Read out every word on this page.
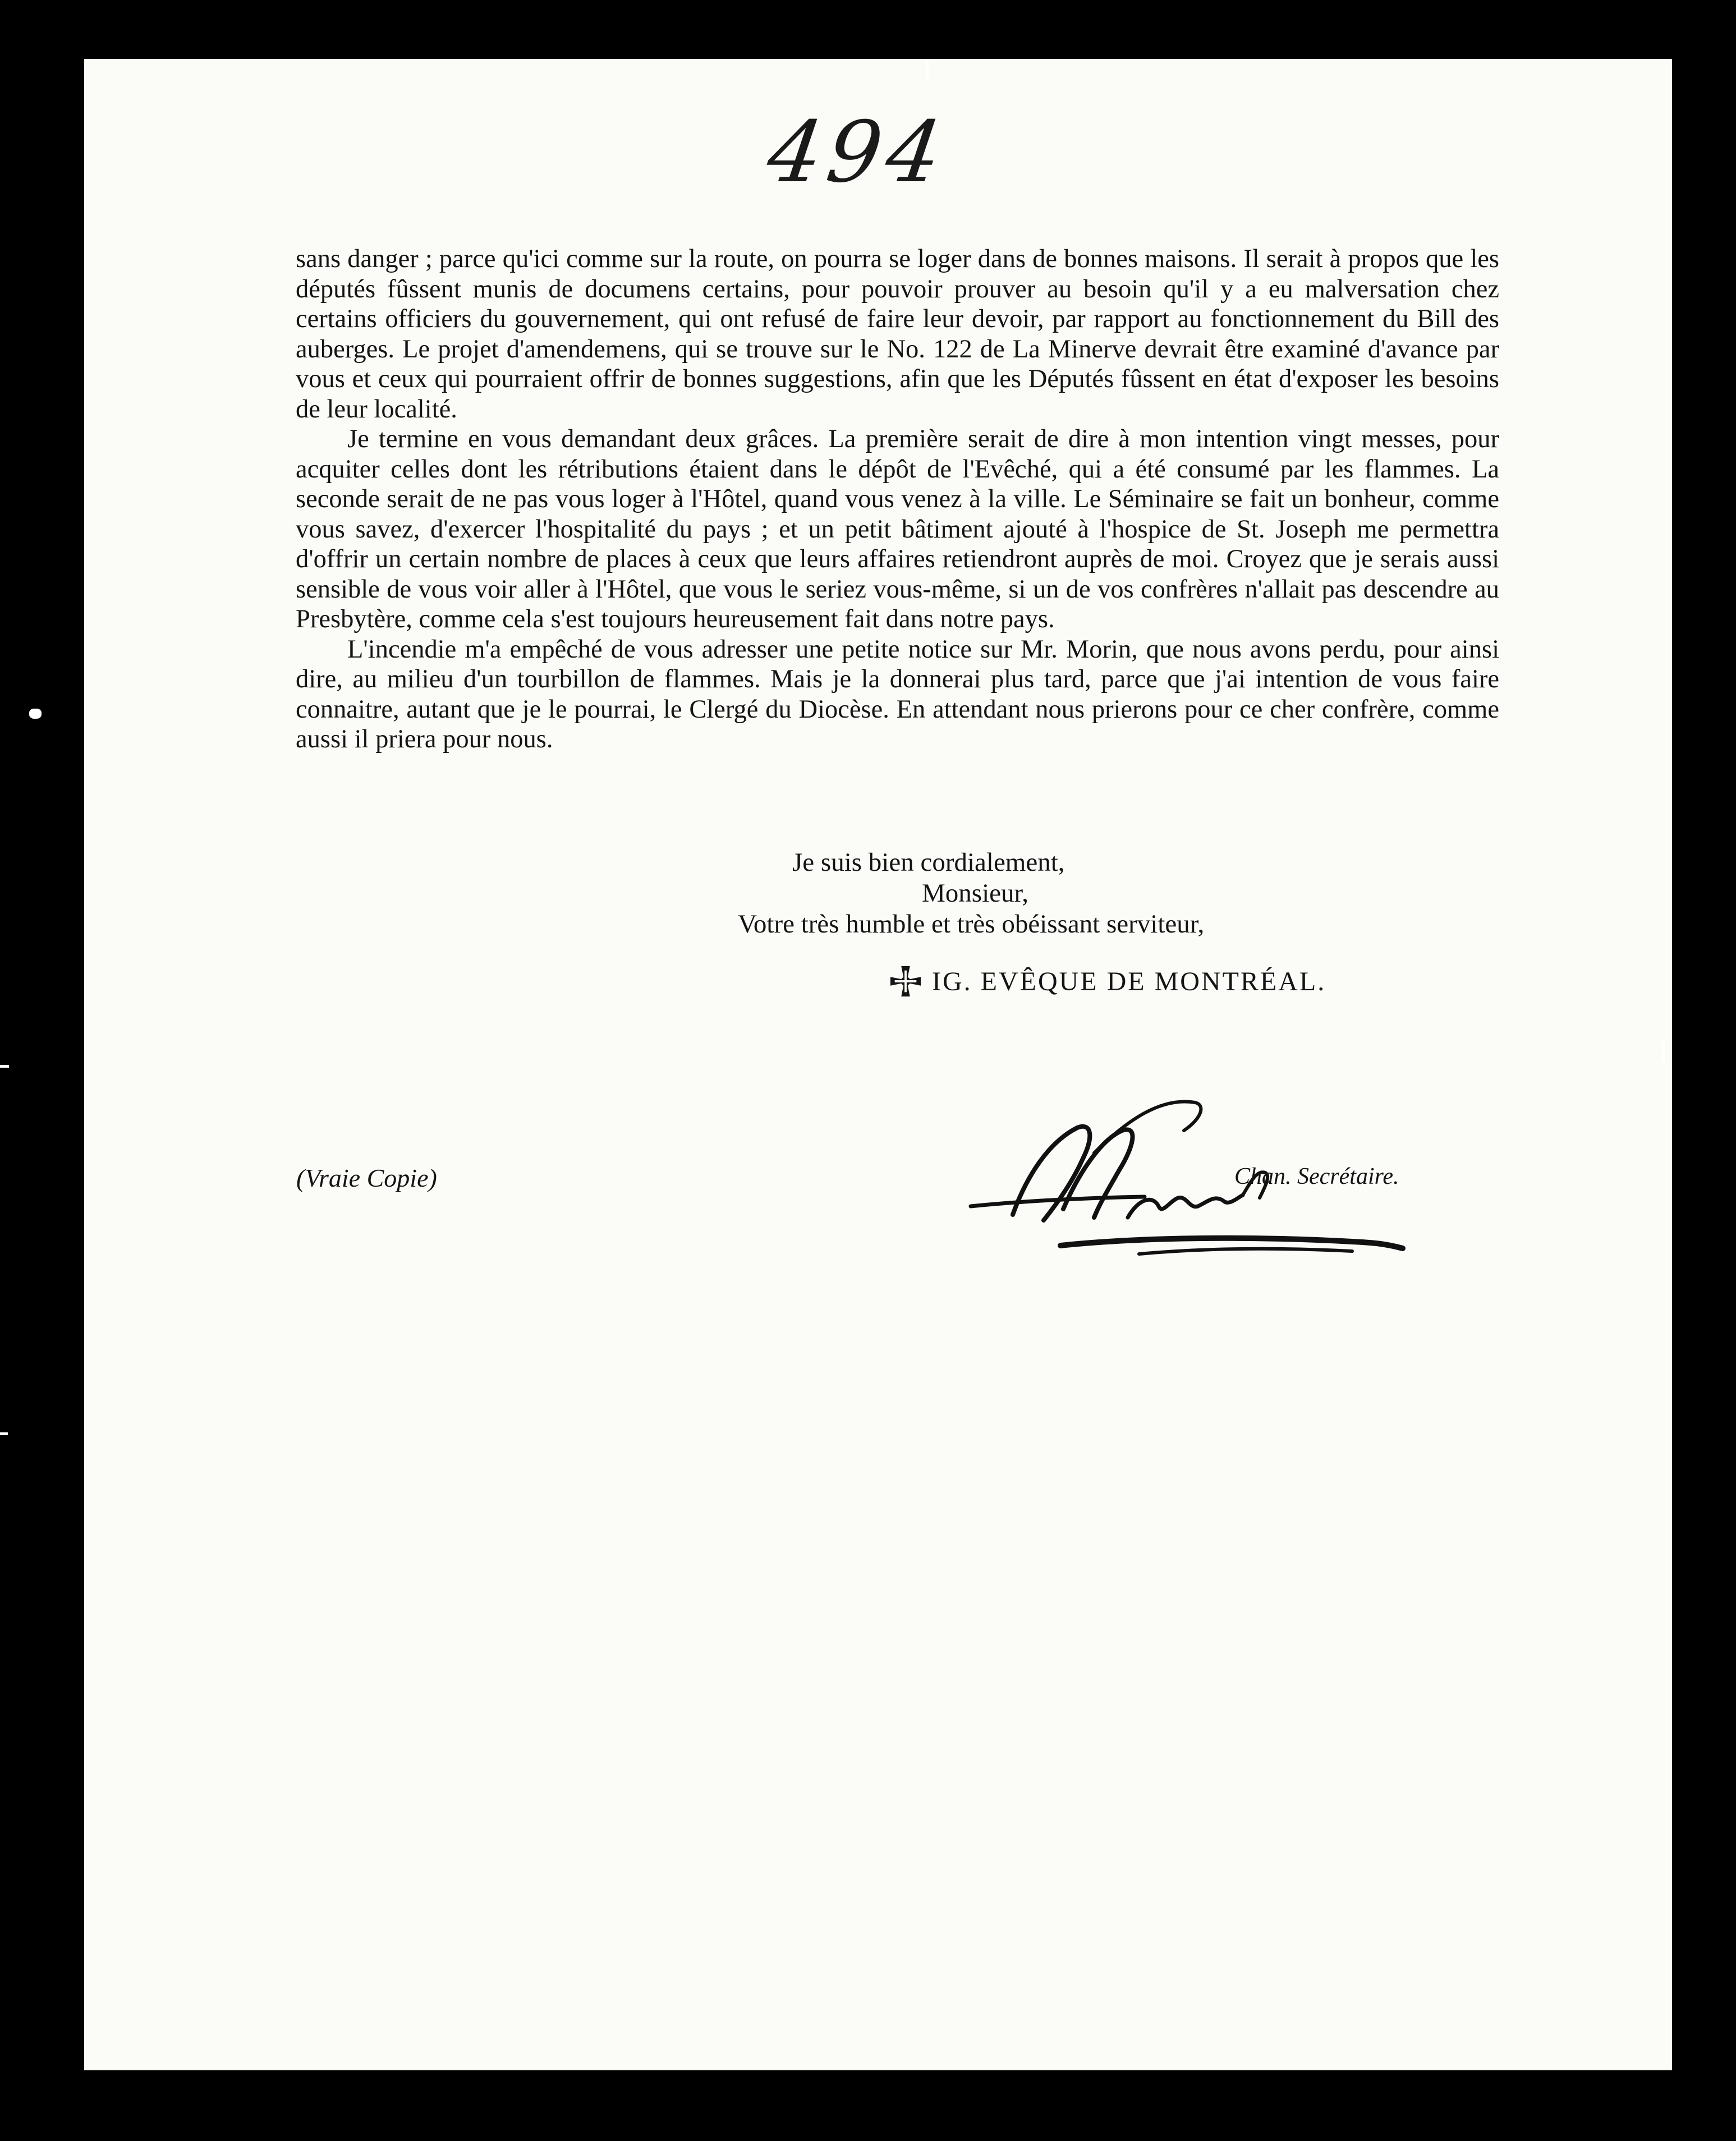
494

sans danger ; parce qu'ici comme sur la route, on pourra se loger dans de bonnes maisons. Il serait à propos que les députés fûssent munis de documens certains, pour pouvoir prouver au besoin qu'il y a eu malversation chez certains officiers du gouvernement, qui ont refusé de faire leur devoir, par rapport au fonctionnement du Bill des auberges. Le projet d'amendemens, qui se trouve sur le No. 122 de La Minerve devrait être examiné d'avance par vous et ceux qui pourraient offrir de bonnes suggestions, afin que les Députés fûssent en état d'exposer les besoins de leur localité.

Je termine en vous demandant deux grâces. La première serait de dire à mon intention vingt messes, pour acquiter celles dont les rétributions étaient dans le dépôt de l'Evêché, qui a été consumé par les flammes. La seconde serait de ne pas vous loger à l'Hôtel, quand vous venez à la ville. Le Séminaire se fait un bonheur, comme vous savez, d'exercer l'hospitalité du pays ; et un petit bâtiment ajouté à l'hospice de St. Joseph me permettra d'offrir un certain nombre de places à ceux que leurs affaires retiendront auprès de moi. Croyez que je serais aussi sensible de vous voir aller à l'Hôtel, que vous le seriez vous-même, si un de vos confrères n'allait pas descendre au Presbytère, comme cela s'est toujours heureusement fait dans notre pays.

L'incendie m'a empêché de vous adresser une petite notice sur Mr. Morin, que nous avons perdu, pour ainsi dire, au milieu d'un tourbillon de flammes. Mais je la donnerai plus tard, parce que j'ai intention de vous faire connaitre, autant que je le pourrai, le Clergé du Diocèse. En attendant nous prierons pour ce cher confrère, comme aussi il priera pour nous.

Je suis bien cordialement,
Monsieur,
Votre très humble et très obéissant serviteur,
IG. EVÊQUE DE MONTRÉAL.
(Vraie Copie)	Chan. Secrétaire.
